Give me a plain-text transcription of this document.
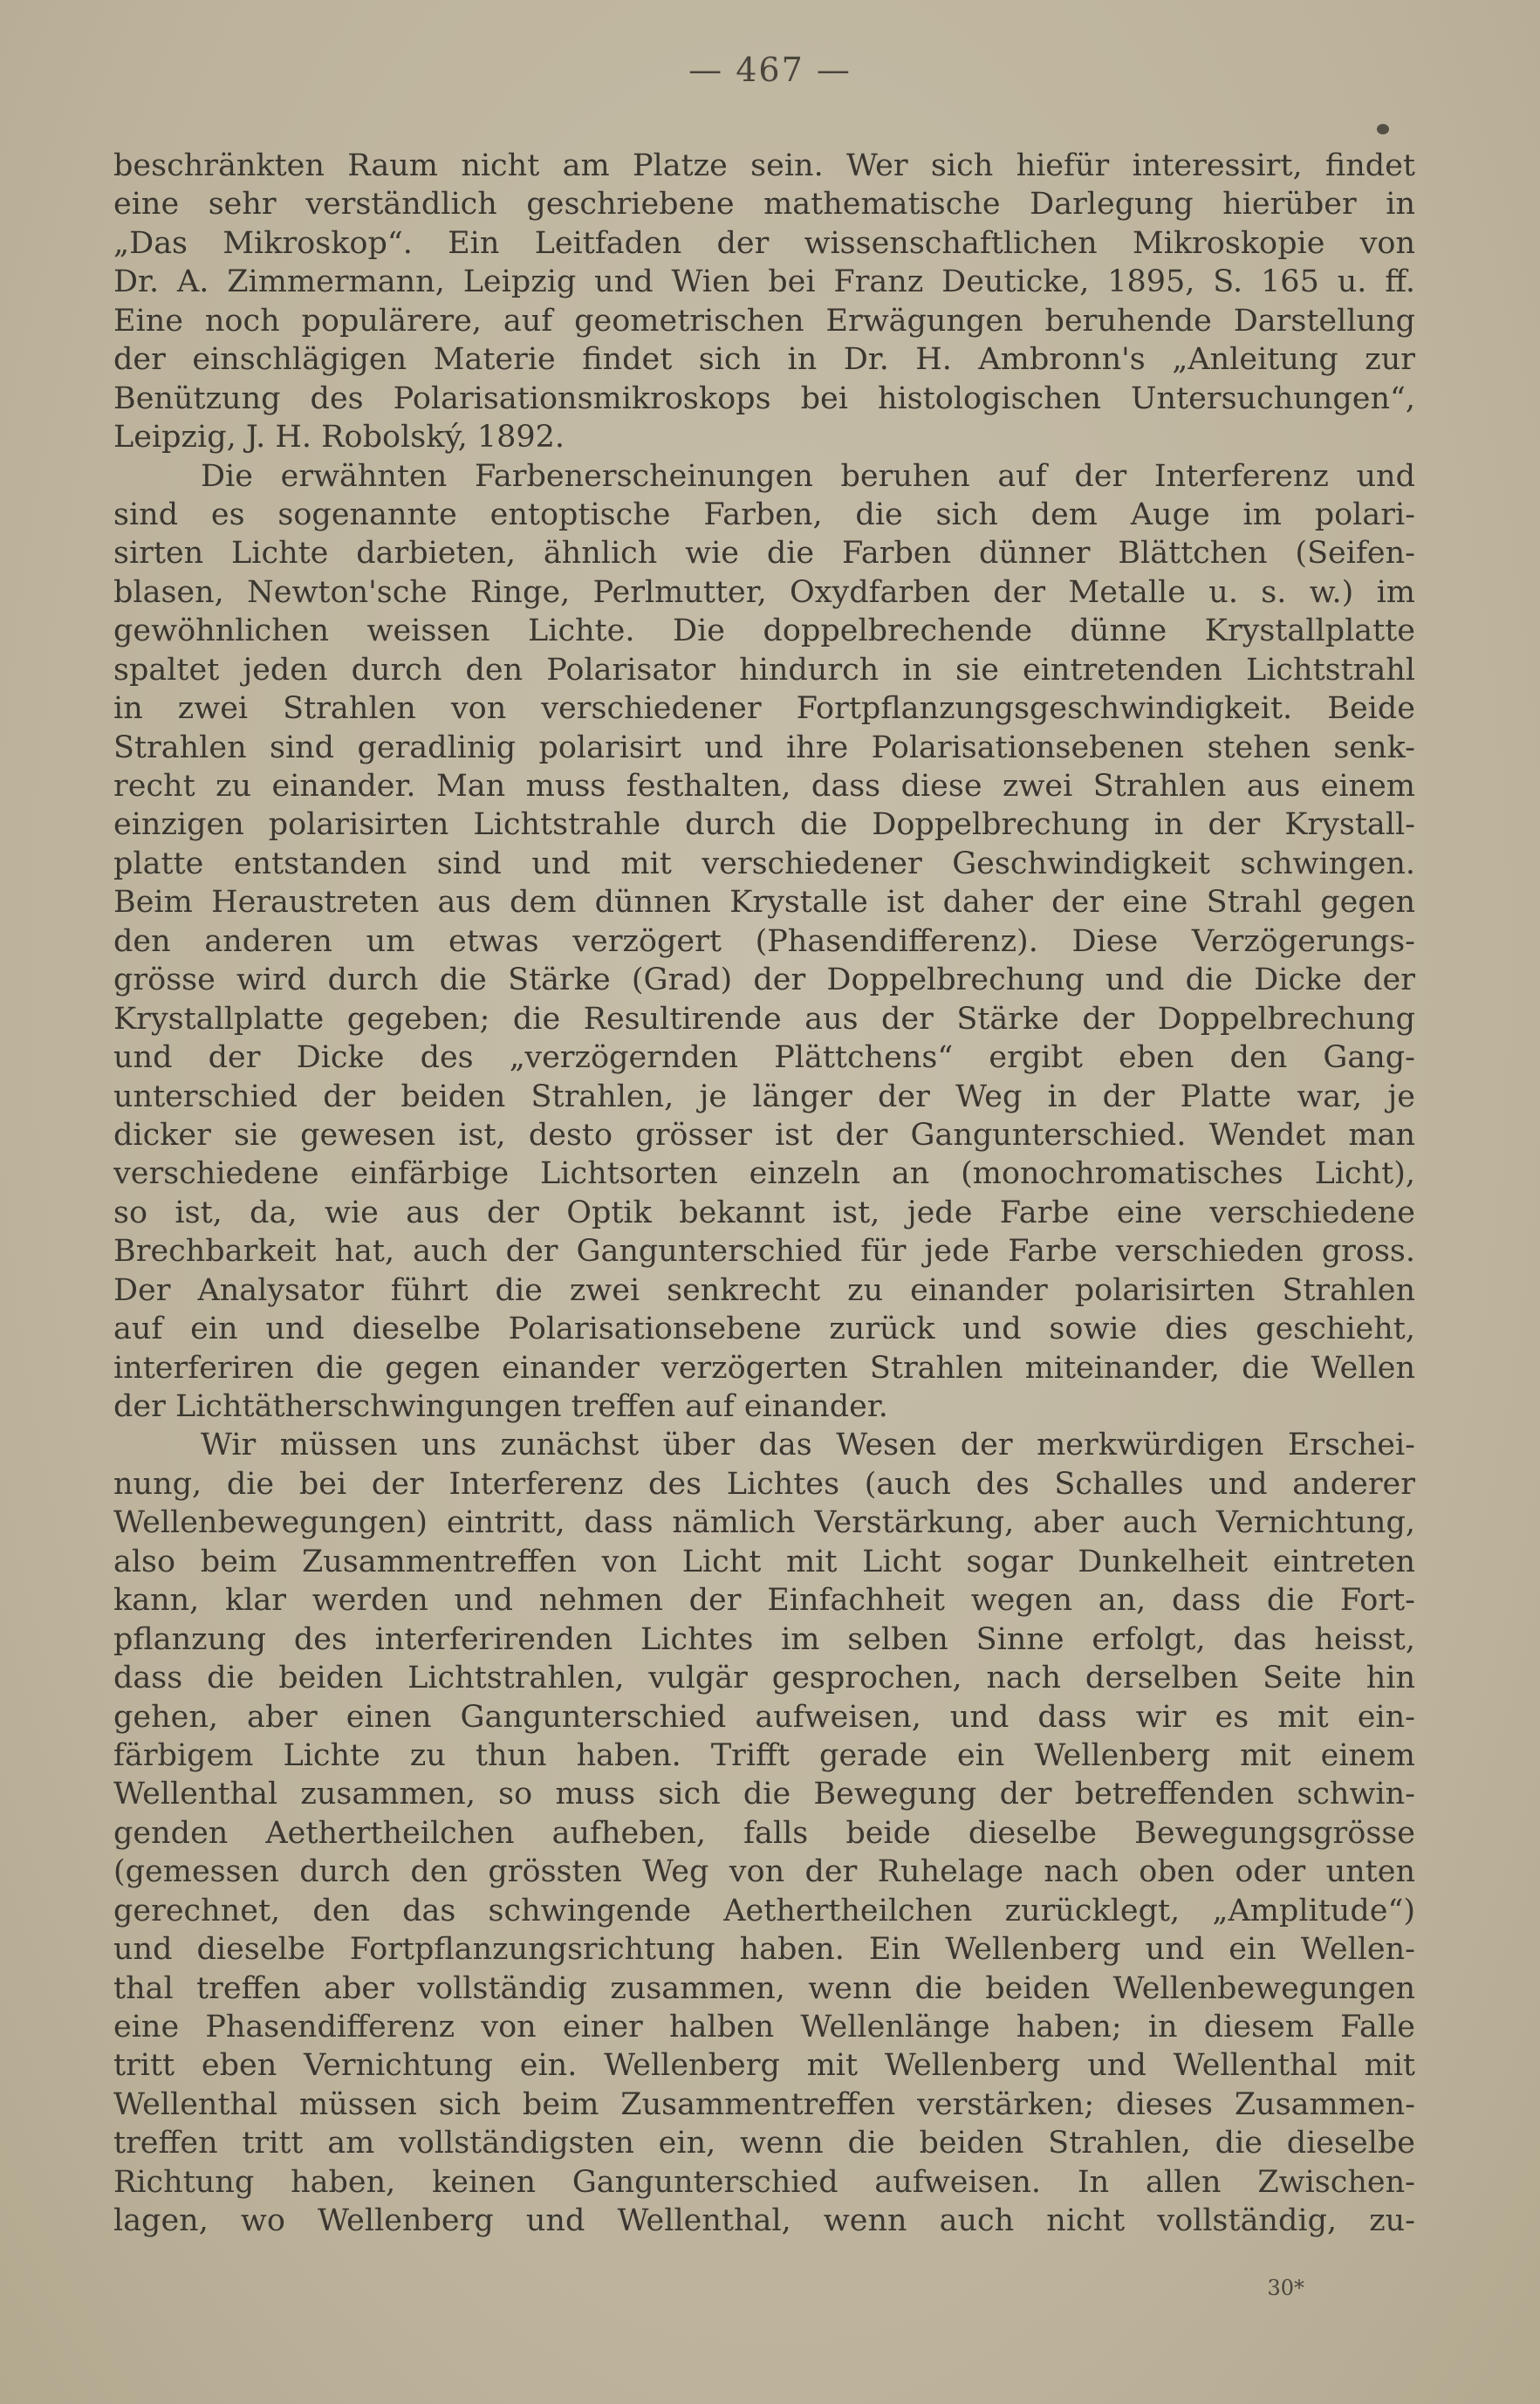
— 467 —
beschränkten Raum nicht am Platze sein. Wer sich hiefür interessirt, findet
eine sehr verständlich geschriebene mathematische Darlegung hierüber in
„Das Mikroskop“. Ein Leitfaden der wissenschaftlichen Mikroskopie von
Dr. A. Zimmermann, Leipzig und Wien bei Franz Deuticke, 1895, S. 165 u. ff.
Eine noch populärere, auf geometrischen Erwägungen beruhende Darstellung
der einschlägigen Materie findet sich in Dr. H. Ambronn's „Anleitung zur
Benützung des Polarisationsmikroskops bei histologischen Untersuchungen“,
Leipzig, J. H. Robolský, 1892.
Die erwähnten Farbenerscheinungen beruhen auf der Interferenz und
sind es sogenannte entoptische Farben, die sich dem Auge im polari-
sirten Lichte darbieten, ähnlich wie die Farben dünner Blättchen (Seifen-
blasen, Newton'sche Ringe, Perlmutter, Oxydfarben der Metalle u. s. w.) im
gewöhnlichen weissen Lichte. Die doppelbrechende dünne Krystallplatte
spaltet jeden durch den Polarisator hindurch in sie eintretenden Lichtstrahl
in zwei Strahlen von verschiedener Fortpflanzungsgeschwindigkeit. Beide
Strahlen sind geradlinig polarisirt und ihre Polarisationsebenen stehen senk-
recht zu einander. Man muss festhalten, dass diese zwei Strahlen aus einem
einzigen polarisirten Lichtstrahle durch die Doppelbrechung in der Krystall-
platte entstanden sind und mit verschiedener Geschwindigkeit schwingen.
Beim Heraustreten aus dem dünnen Krystalle ist daher der eine Strahl gegen
den anderen um etwas verzögert (Phasendifferenz). Diese Verzögerungs-
grösse wird durch die Stärke (Grad) der Doppelbrechung und die Dicke der
Krystallplatte gegeben; die Resultirende aus der Stärke der Doppelbrechung
und der Dicke des „verzögernden Plättchens“ ergibt eben den Gang-
unterschied der beiden Strahlen, je länger der Weg in der Platte war, je
dicker sie gewesen ist, desto grösser ist der Gangunterschied. Wendet man
verschiedene einfärbige Lichtsorten einzeln an (monochromatisches Licht),
so ist, da, wie aus der Optik bekannt ist, jede Farbe eine verschiedene
Brechbarkeit hat, auch der Gangunterschied für jede Farbe verschieden gross.
Der Analysator führt die zwei senkrecht zu einander polarisirten Strahlen
auf ein und dieselbe Polarisationsebene zurück und sowie dies geschieht,
interferiren die gegen einander verzögerten Strahlen miteinander, die Wellen
der Lichtätherschwingungen treffen auf einander.
Wir müssen uns zunächst über das Wesen der merkwürdigen Erschei-
nung, die bei der Interferenz des Lichtes (auch des Schalles und anderer
Wellenbewegungen) eintritt, dass nämlich Verstärkung, aber auch Vernichtung,
also beim Zusammentreffen von Licht mit Licht sogar Dunkelheit eintreten
kann, klar werden und nehmen der Einfachheit wegen an, dass die Fort-
pflanzung des interferirenden Lichtes im selben Sinne erfolgt, das heisst,
dass die beiden Lichtstrahlen, vulgär gesprochen, nach derselben Seite hin
gehen, aber einen Gangunterschied aufweisen, und dass wir es mit ein-
färbigem Lichte zu thun haben. Trifft gerade ein Wellenberg mit einem
Wellenthal zusammen, so muss sich die Bewegung der betreffenden schwin-
genden Aethertheilchen aufheben, falls beide dieselbe Bewegungsgrösse
(gemessen durch den grössten Weg von der Ruhelage nach oben oder unten
gerechnet, den das schwingende Aethertheilchen zurücklegt, „Amplitude“)
und dieselbe Fortpflanzungsrichtung haben. Ein Wellenberg und ein Wellen-
thal treffen aber vollständig zusammen, wenn die beiden Wellenbewegungen
eine Phasendifferenz von einer halben Wellenlänge haben; in diesem Falle
tritt eben Vernichtung ein. Wellenberg mit Wellenberg und Wellenthal mit
Wellenthal müssen sich beim Zusammentreffen verstärken; dieses Zusammen-
treffen tritt am vollständigsten ein, wenn die beiden Strahlen, die dieselbe
Richtung haben, keinen Gangunterschied aufweisen. In allen Zwischen-
lagen, wo Wellenberg und Wellenthal, wenn auch nicht vollständig, zu-
30*
